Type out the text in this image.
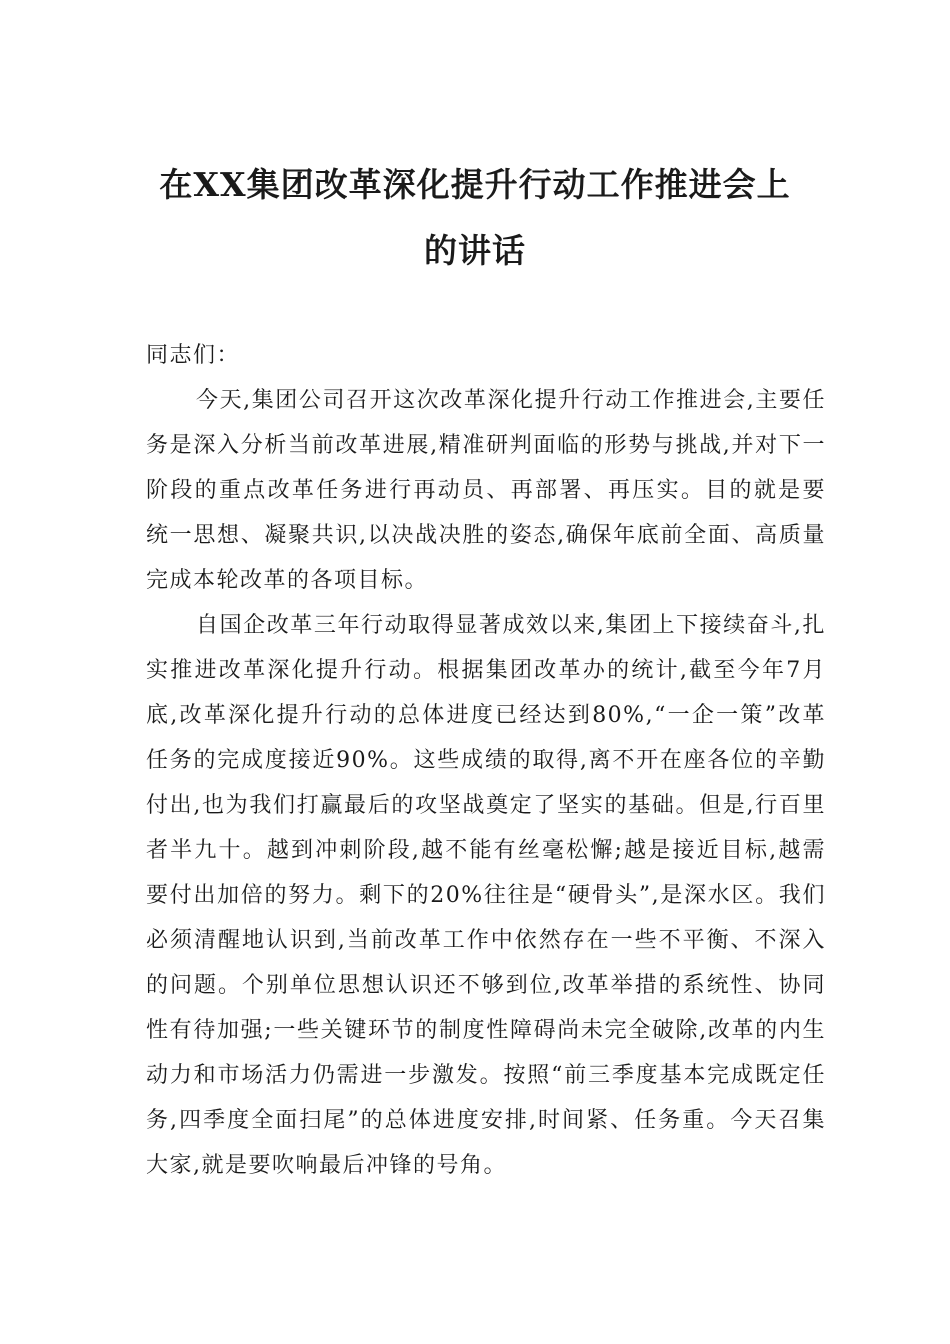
在XX集团改革深化提升行动工作推进会上
的讲话

同志们：

今天,集团公司召开这次改革深化提升行动工作推进会,主要任务是深入分析当前改革进展,精准研判面临的形势与挑战,并对下一阶段的重点改革任务进行再动员、再部署、再压实。目的就是要统一思想、凝聚共识,以决战决胜的姿态,确保年底前全面、高质量完成本轮改革的各项目标。

自国企改革三年行动取得显著成效以来,集团上下接续奋斗,扎实推进改革深化提升行动。根据集团改革办的统计,截至今年7月底,改革深化提升行动的总体进度已经达到80%,“一企一策”改革任务的完成度接近90%。这些成绩的取得,离不开在座各位的辛勤付出,也为我们打赢最后的攻坚战奠定了坚实的基础。但是,行百里者半九十。越到冲刺阶段,越不能有丝毫松懈;越是接近目标,越需要付出加倍的努力。剩下的20%往往是“硬骨头”,是深水区。我们必须清醒地认识到,当前改革工作中依然存在一些不平衡、不深入的问题。个别单位思想认识还不够到位,改革举措的系统性、协同性有待加强;一些关键环节的制度性障碍尚未完全破除,改革的内生动力和市场活力仍需进一步激发。按照“前三季度基本完成既定任务,四季度全面扫尾”的总体进度安排,时间紧、任务重。今天召集大家,就是要吹响最后冲锋的号角。
